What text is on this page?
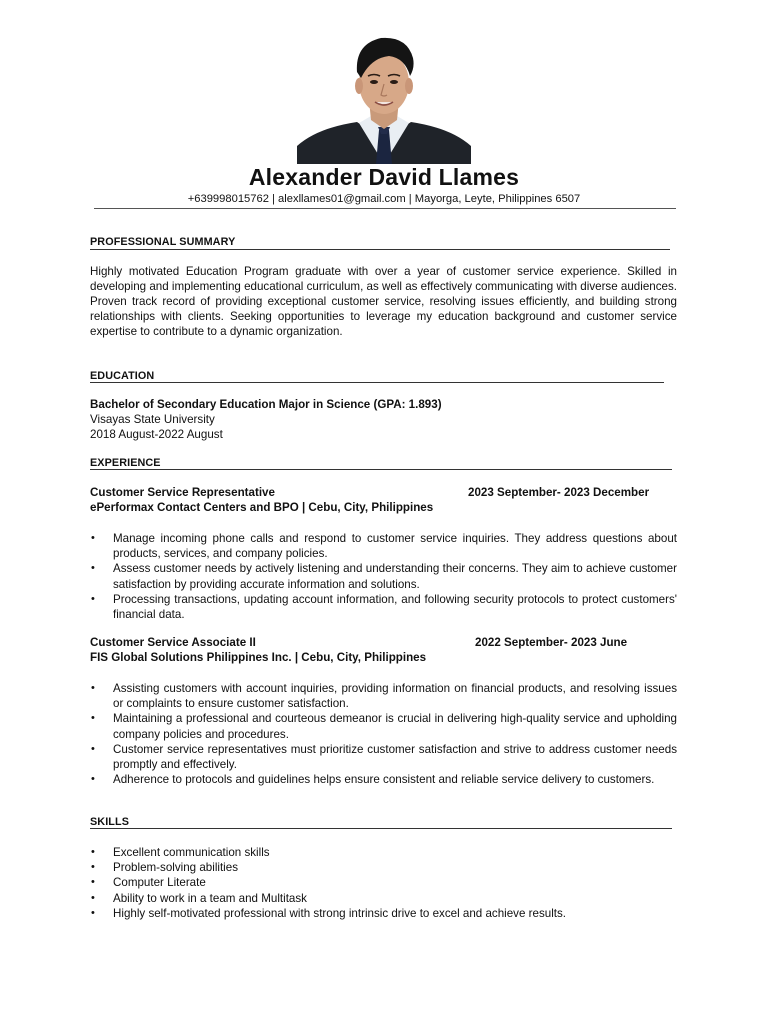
Alexander David Llames
+639998015762 | alexllames01@gmail.com | Mayorga, Leyte, Philippines 6507
PROFESSIONAL SUMMARY
Highly motivated Education Program graduate with over a year of customer service experience. Skilled in developing and implementing educational curriculum, as well as effectively communicating with diverse audiences. Proven track record of providing exceptional customer service, resolving issues efficiently, and building strong relationships with clients. Seeking opportunities to leverage my education background and customer service expertise to contribute to a dynamic organization.
EDUCATION
Bachelor of Secondary Education Major in Science (GPA: 1.893)
Visayas State University
2018 August-2022 August
EXPERIENCE
Customer Service Representative	2023 September- 2023 December
ePerformax Contact Centers and BPO | Cebu, City, Philippines
• Manage incoming phone calls and respond to customer service inquiries. They address questions about products, services, and company policies.
• Assess customer needs by actively listening and understanding their concerns. They aim to achieve customer satisfaction by providing accurate information and solutions.
• Processing transactions, updating account information, and following security protocols to protect customers' financial data.
Customer Service Associate II	2022 September- 2023 June
FIS Global Solutions Philippines Inc. | Cebu, City, Philippines
• Assisting customers with account inquiries, providing information on financial products, and resolving issues or complaints to ensure customer satisfaction.
• Maintaining a professional and courteous demeanor is crucial in delivering high-quality service and upholding company policies and procedures.
• Customer service representatives must prioritize customer satisfaction and strive to address customer needs promptly and effectively.
• Adherence to protocols and guidelines helps ensure consistent and reliable service delivery to customers.
SKILLS
• Excellent communication skills
• Problem-solving abilities
• Computer Literate
• Ability to work in a team and Multitask
• Highly self-motivated professional with strong intrinsic drive to excel and achieve results.
